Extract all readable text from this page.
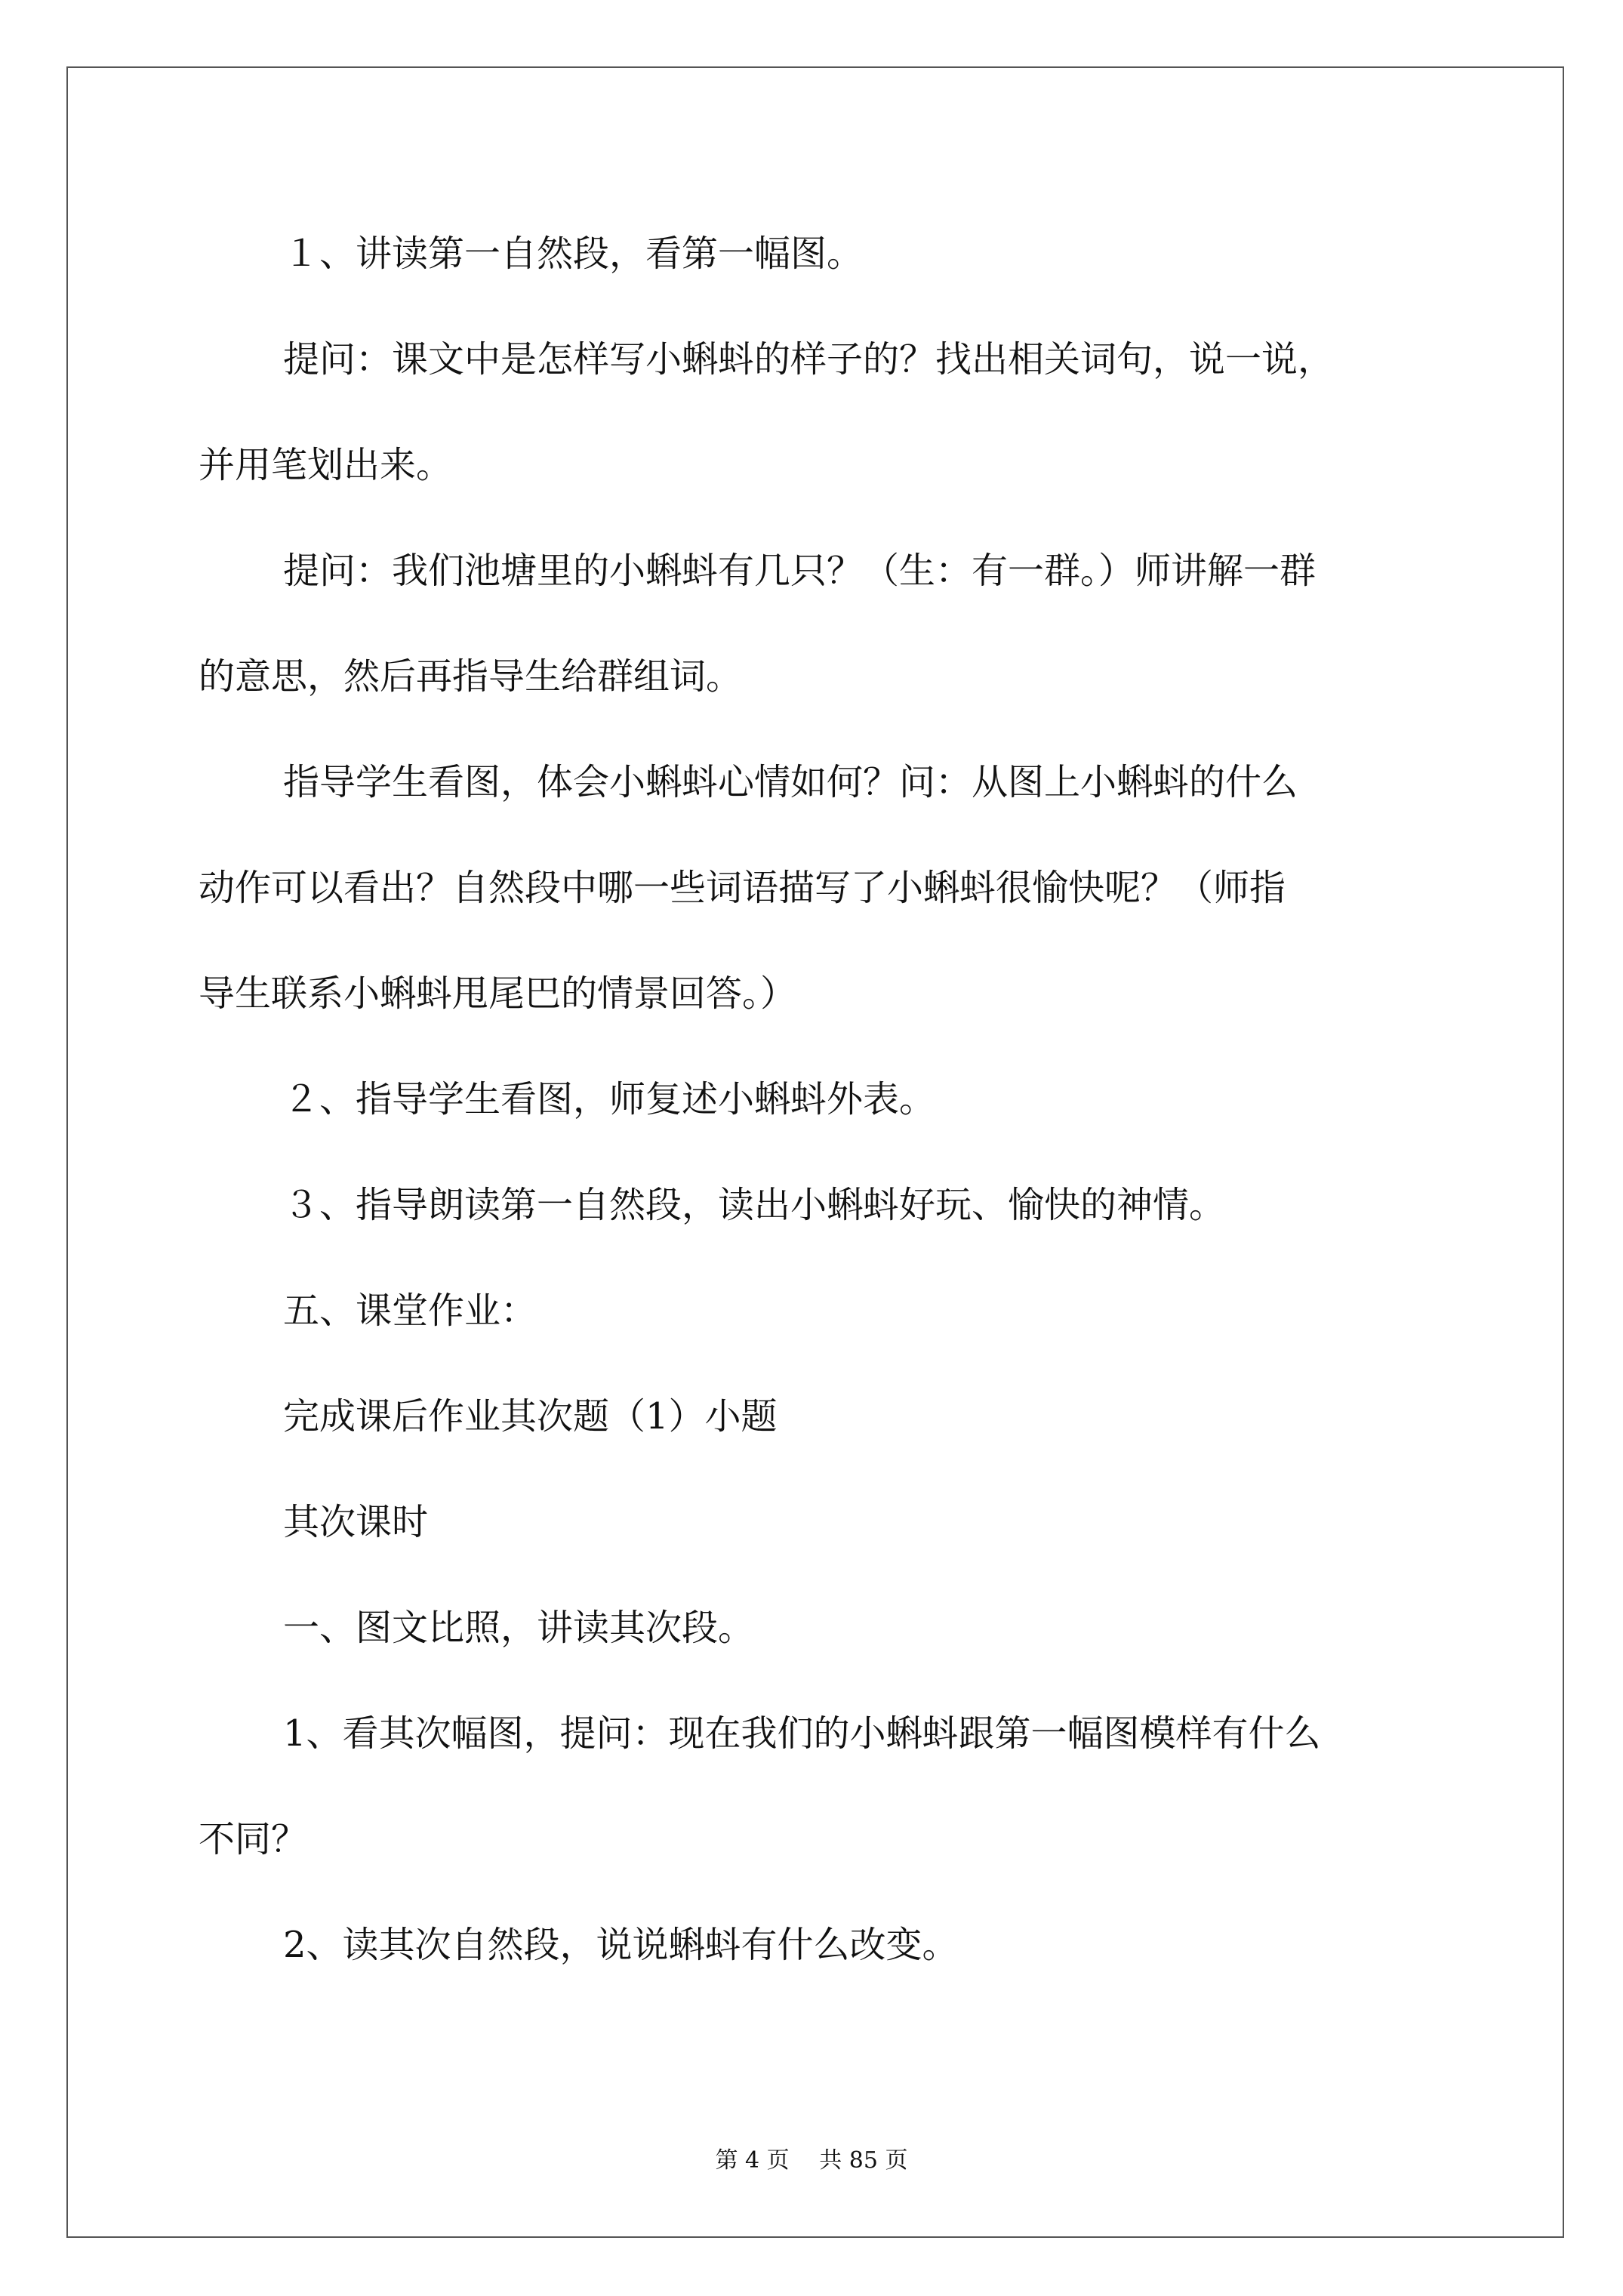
１、讲读第一自然段，看第一幅图。
提问：课文中是怎样写小蝌蚪的样子的？找出相关词句，说一说，
并用笔划出来。
提问：我们池塘里的小蝌蚪有几只？（生：有一群。）师讲解一群
的意思，然后再指导生给群组词。
指导学生看图，体会小蝌蚪心情如何？问：从图上小蝌蚪的什么
动作可以看出？自然段中哪一些词语描写了小蝌蚪很愉快呢？（师指
导生联系小蝌蚪甩尾巴的情景回答。）
２、指导学生看图，师复述小蝌蚪外表。
３、指导朗读第一自然段，读出小蝌蚪好玩、愉快的神情。
五、课堂作业：
完成课后作业其次题（1）小题
其次课时
一、图文比照，讲读其次段。
1、看其次幅图，提问：现在我们的小蝌蚪跟第一幅图模样有什么
不同？
2、读其次自然段，说说蝌蚪有什么改变。
第 4 页　 共 85 页
